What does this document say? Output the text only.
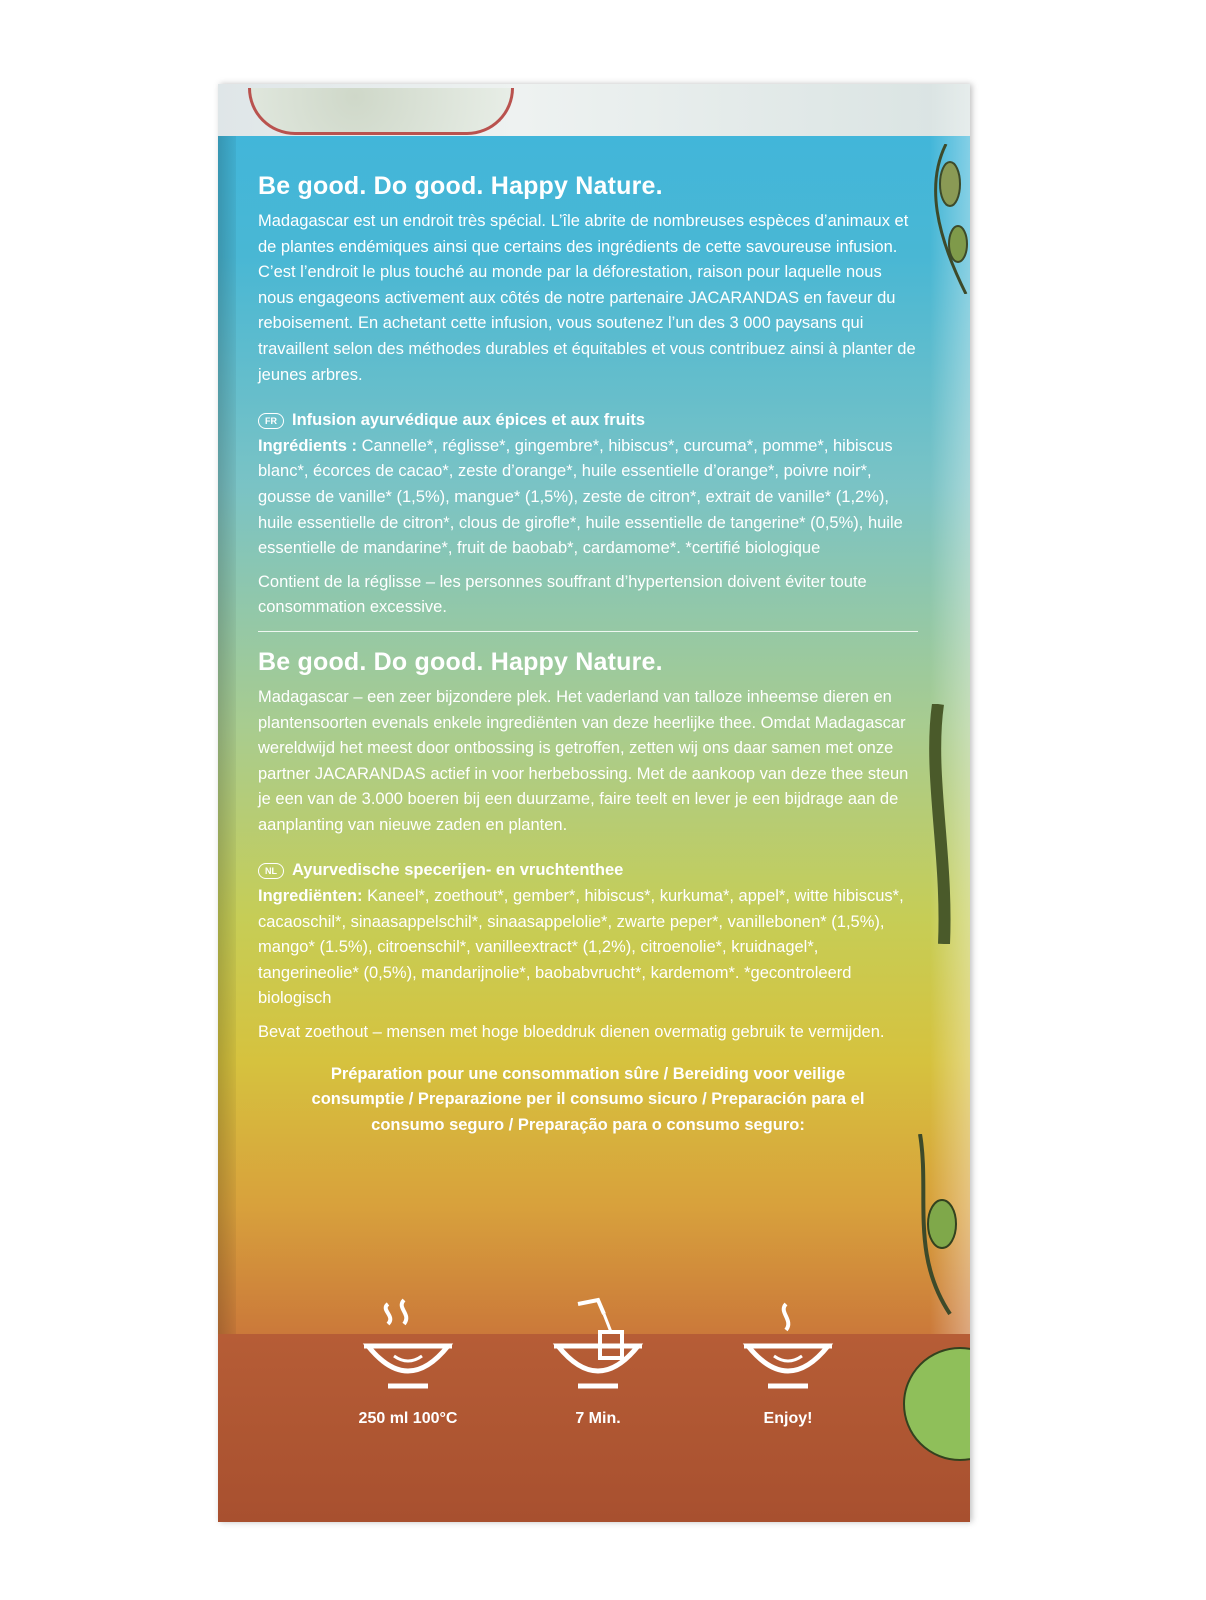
Be good. Do good. Happy Nature.

Madagascar est un endroit très spécial. L’île abrite de nombreuses espèces d’animaux et de plantes endémiques ainsi que certains des ingrédients de cette savoureuse infusion. C’est l’endroit le plus touché au monde par la déforestation, raison pour laquelle nous nous engageons activement aux côtés de notre partenaire JACARANDAS en faveur du reboisement. En achetant cette infusion, vous soutenez l’un des 3 000 paysans qui travaillent selon des méthodes durables et équitables et vous contribuez ainsi à planter de jeunes arbres.

FR Infusion ayurvédique aux épices et aux fruits

Ingrédients : Cannelle*, réglisse*, gingembre*, hibiscus*, curcuma*, pomme*, hibiscus blanc*, écorces de cacao*, zeste d’orange*, huile essentielle d’orange*, poivre noir*, gousse de vanille* (1,5%), mangue* (1,5%), zeste de citron*, extrait de vanille* (1,2%), huile essentielle de citron*, clous de girofle*, huile essentielle de tangerine* (0,5%), huile essentielle de mandarine*, fruit de baobab*, cardamome*. *certifié biologique

Contient de la réglisse – les personnes souffrant d’hypertension doivent éviter toute consommation excessive.

Be good. Do good. Happy Nature.

Madagascar – een zeer bijzondere plek. Het vaderland van talloze inheemse dieren en plantensoorten evenals enkele ingrediënten van deze heerlijke thee. Omdat Madagascar wereldwijd het meest door ontbossing is getroffen, zetten wij ons daar samen met onze partner JACARANDAS actief in voor herbebossing. Met de aankoop van deze thee steun je een van de 3.000 boeren bij een duurzame, faire teelt en lever je een bijdrage aan de aanplanting van nieuwe zaden en planten.

NL Ayurvedische specerijen- en vruchtenthee

Ingrediënten: Kaneel*, zoethout*, gember*, hibiscus*, kurkuma*, appel*, witte hibiscus*, cacaoschil*, sinaasappelschil*, sinaasappelolie*, zwarte peper*, vanillebonen* (1,5%), mango* (1.5%), citroenschil*, vanilleextract* (1,2%), citroenolie*, kruidnagel*, tangerineolie* (0,5%), mandarijnolie*, baobabvrucht*, kardemom*. *gecontroleerd biologisch

Bevat zoethout – mensen met hoge bloeddruk dienen overmatig gebruik te vermijden.

Préparation pour une consommation sûre / Bereiding voor veilige consumptie / Preparazione per il consumo sicuro / Preparación para el consumo seguro / Preparação para o consumo seguro:
250 ml 100°C	7 Min.	Enjoy!
